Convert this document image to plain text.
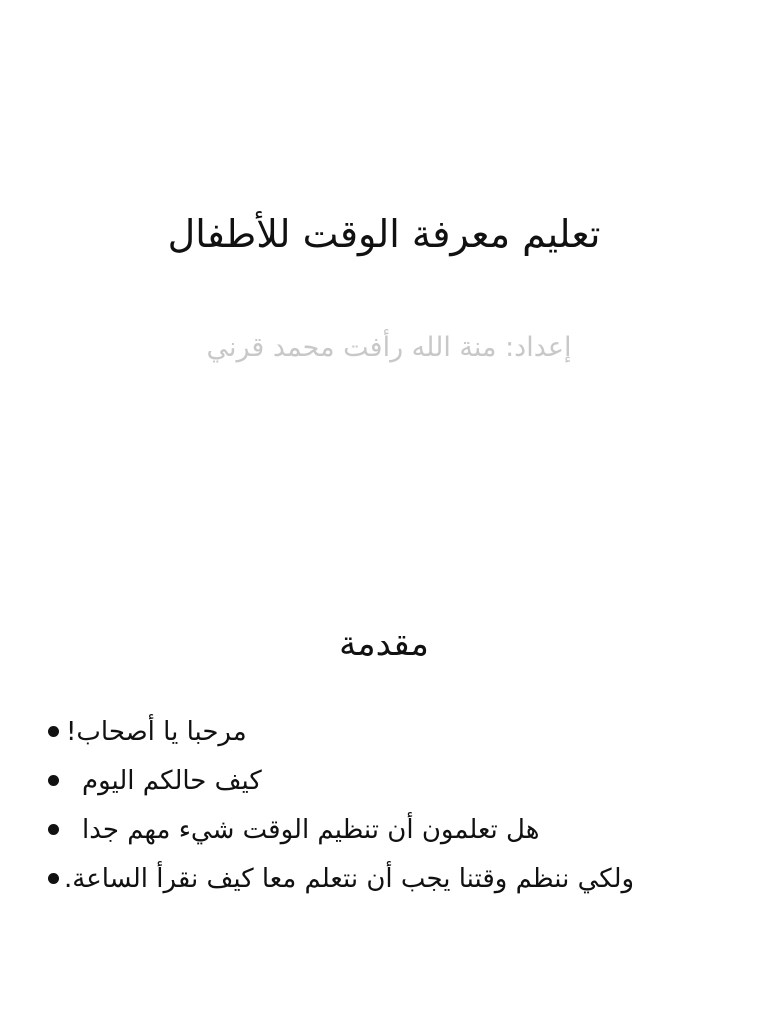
تعليم معرفة الوقت للأطفال
إعداد: منة الله رأفت محمد قرني
مقدمة
مرحبا يا أصحاب!
كيف حالكم اليوم
هل تعلمون أن تنظيم الوقت شيء مهم جدا
ولكي ننظم وقتنا يجب أن نتعلم معا كيف نقرأ الساعة.
